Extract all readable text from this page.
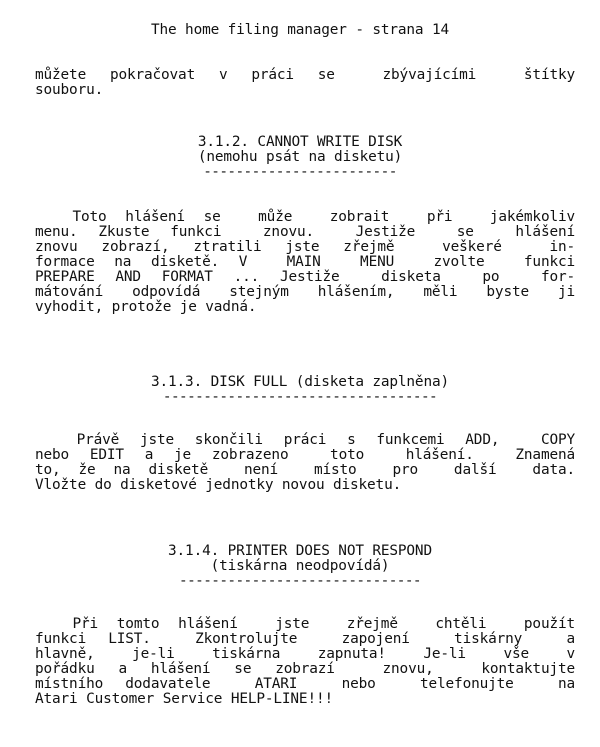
The home filing manager - strana 14
můžete pokračovat v práci se  zbývajícími  štítky
souboru.
3.1.2. CANNOT WRITE DISK
(nemohu psát na disketu)
------------------------
Toto hlášení se  může  zobrait  při  jakémkoliv
menu. Zkuste funkci  znovu.  Jestiže  se  hlášení
znovu zobrazí, ztratili jste zřejmě  veškeré  in-
formace na disketě. V  MAIN  MENU  zvolte  funkci
PREPARE AND FORMAT ... Jestiže  disketa  po  for-
mátování odpovídá stejným hlášením, měli byste ji
vyhodit, protože je vadná.
3.1.3. DISK FULL (disketa zaplněna)
----------------------------------
Právě jste skončili práci s funkcemi ADD,  COPY
nebo EDIT a je zobrazeno  toto  hlášení.  Znamená
to, že na disketě  není  místo  pro  další  data.
Vložte do disketové jednotky novou disketu.
3.1.4. PRINTER DOES NOT RESPOND
(tiskárna neodpovídá)
------------------------------
Při tomto hlášení  jste  zřejmě  chtěli  použít
funkci LIST.  Zkontrolujte  zapojení  tiskárny  a
hlavně,  je-li  tiskárna  zapnuta!  Je-li  vše  v
pořádku a hlášení se zobrazí  znovu,  kontaktujte
místního dodavatele  ATARI  nebo  telefonujte  na
Atari Customer Service HELP-LINE!!!
